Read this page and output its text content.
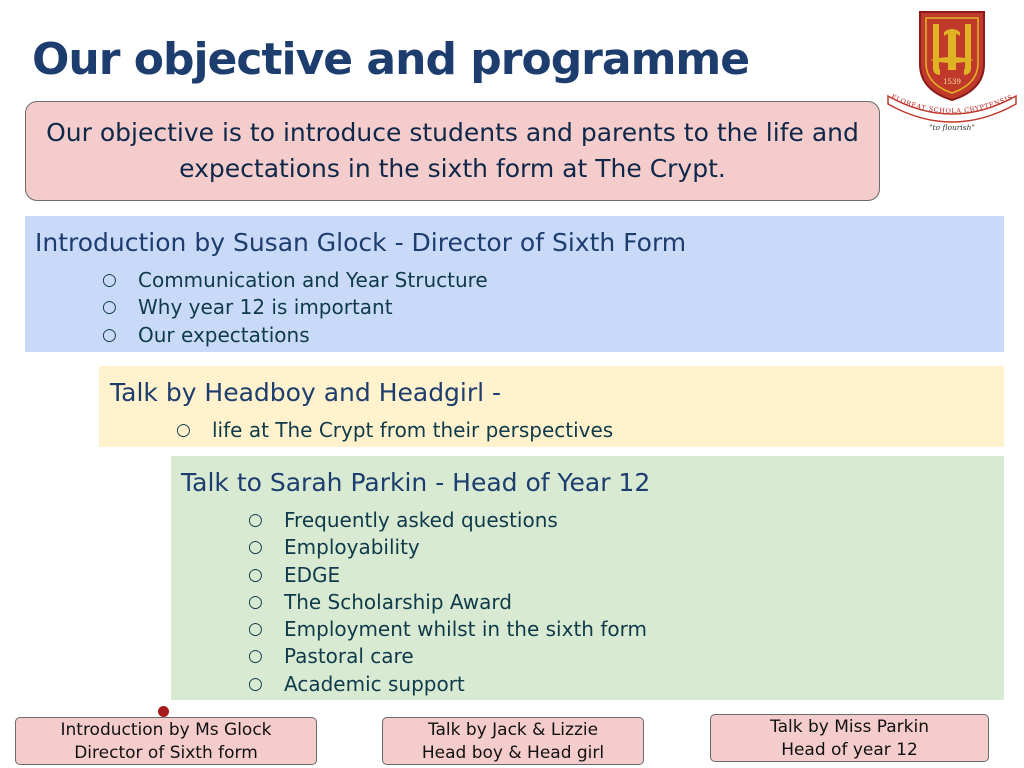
Our objective and programme	1539
FLOREAT SCHOLA CRYPTENSIS
"to flourish"
Our objective is to introduce students and parents to the life and expectations in the sixth form at The Crypt.
Introduction by Susan Glock - Director of Sixth Form
○ Communication and Year Structure
○ Why year 12 is important
○ Our expectations
Talk by Headboy and Headgirl -
○ life at The Crypt from their perspectives
Talk to Sarah Parkin - Head of Year 12
○ Frequently asked questions
○ Employability
○ EDGE
○ The Scholarship Award
○ Employment whilst in the sixth form
○ Pastoral care
○ Academic support
Introduction by Ms Glock
Director of Sixth form
Talk by Jack & Lizzie
Head boy & Head girl
Talk by Miss Parkin
Head of year 12
